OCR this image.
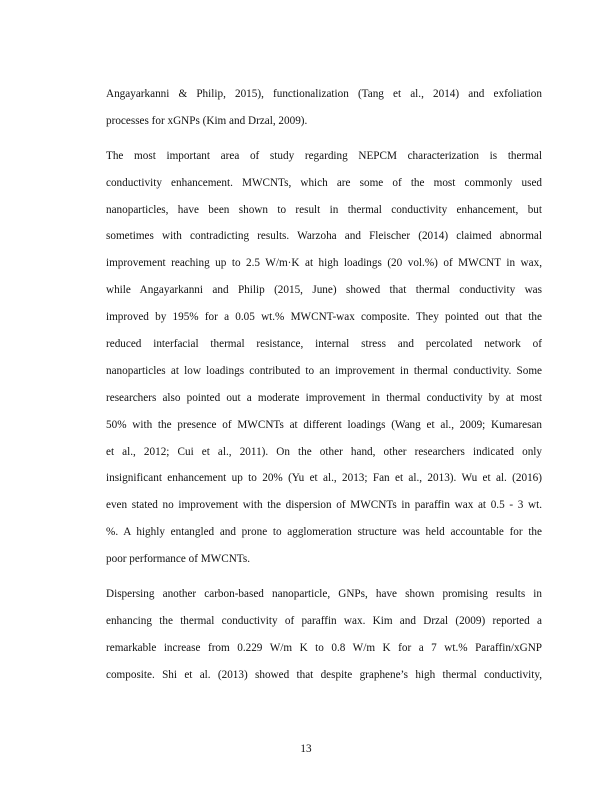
Angayarkanni & Philip, 2015), functionalization (Tang et al., 2014) and exfoliation
processes for xGNPs (Kim and Drzal, 2009).
The most important area of study regarding NEPCM characterization is thermal
conductivity enhancement. MWCNTs, which are some of the most commonly used
nanoparticles, have been shown to result in thermal conductivity enhancement, but
sometimes with contradicting results. Warzoha and Fleischer (2014) claimed abnormal
improvement reaching up to 2.5 W/m·K at high loadings (20 vol.%) of MWCNT in wax,
while Angayarkanni and Philip (2015, June) showed that thermal conductivity was
improved by 195% for a 0.05 wt.% MWCNT-wax composite. They pointed out that the
reduced interfacial thermal resistance, internal stress and percolated network of
nanoparticles at low loadings contributed to an improvement in thermal conductivity. Some
researchers also pointed out a moderate improvement in thermal conductivity by at most
50% with the presence of MWCNTs at different loadings (Wang et al., 2009; Kumaresan
et al., 2012; Cui et al., 2011). On the other hand, other researchers indicated only
insignificant enhancement up to 20% (Yu et al., 2013; Fan et al., 2013). Wu et al. (2016)
even stated no improvement with the dispersion of MWCNTs in paraffin wax at 0.5 - 3 wt.
%. A highly entangled and prone to agglomeration structure was held accountable for the
poor performance of MWCNTs.
Dispersing another carbon-based nanoparticle, GNPs, have shown promising results in
enhancing the thermal conductivity of paraffin wax. Kim and Drzal (2009) reported a
remarkable increase from 0.229 W/m K to 0.8 W/m K for a 7 wt.% Paraffin/xGNP
composite. Shi et al. (2013) showed that despite graphene’s high thermal conductivity,
13
